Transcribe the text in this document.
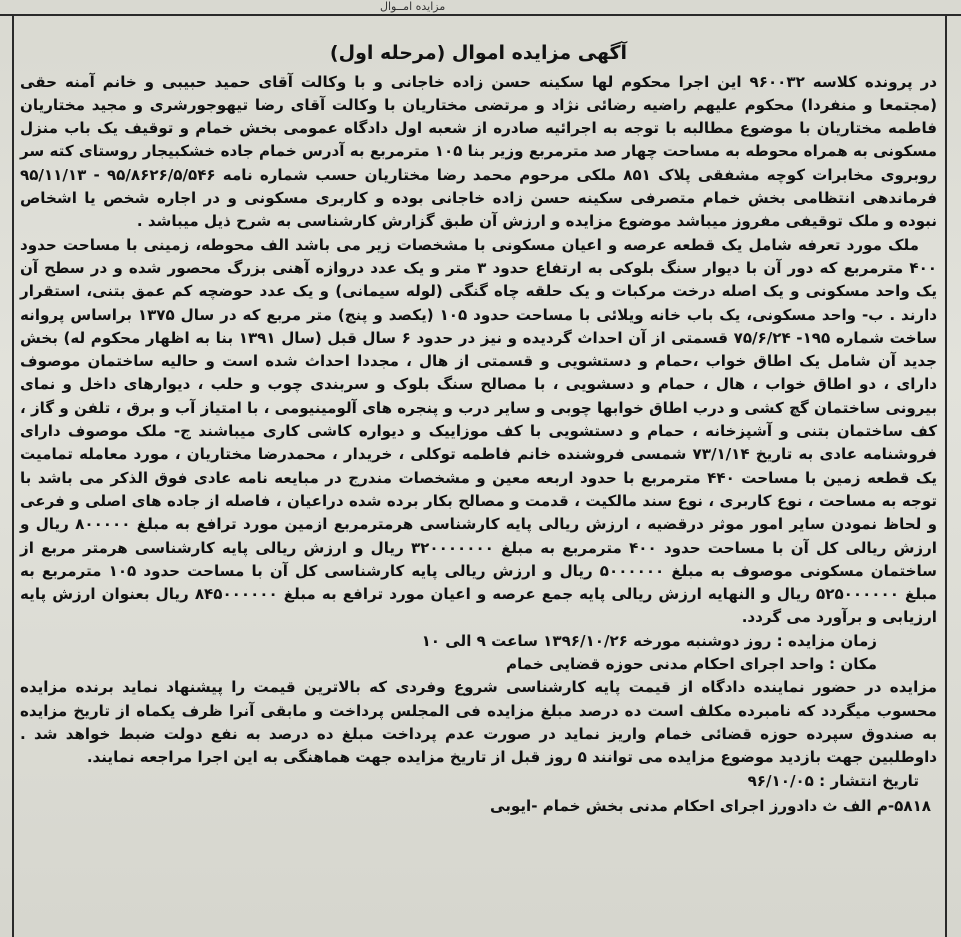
مزایده امــوال
آگهی مزایده اموال (مرحله اول)

در پرونده کلاسه ۹۶۰۰۳۲ این اجرا محکوم لها سکینه حسن زاده خاجانی و با وکالت آقای حمید حبیبی و خانم آمنه حقی (مجتمعا و منفردا) محکوم علیهم راضیه رضائی نژاد و مرتضی مختاریان با وکالت آقای رضا تیهوجورشری و مجید مختاریان فاطمه مختاریان با موضوع مطالبه با توجه به اجرائیه صادره از شعبه اول دادگاه عمومی بخش خمام و توقیف یک باب منزل مسکونی به همراه محوطه به مساحت چهار صد مترمربع وزیر بنا ۱۰۵ مترمربع به آدرس خمام جاده خشکبیجار روستای کته سر روبروی مخابرات کوچه مشفقی پلاک ۸۵۱ ملکی مرحوم محمد رضا مختاریان حسب شماره نامه ۹۵/۸۶۲۶/۵/۵۴۶ - ۹۵/۱۱/۱۳ فرماندهی انتظامی بخش خمام متصرفی سکینه حسن زاده خاجانی بوده و کاربری مسکونی و در اجاره شخص یا اشخاص نبوده و ملک توقیفی مفروز میباشد موضوع مزایده و ارزش آن طبق گزارش کارشناسی به شرح ذیل میباشد .

ملک مورد تعرفه شامل یک قطعه عرصه و اعیان مسکونی با مشخصات زیر می باشد الف محوطه، زمینی با مساحت حدود ۴۰۰ مترمربع که دور آن با دیوار سنگ بلوکی به ارتفاع حدود ۳ متر و یک عدد دروازه آهنی بزرگ محصور شده و در سطح آن یک واحد مسکونی و یک اصله درخت مرکبات و یک حلقه چاه گنگی (لوله سیمانی) و یک عدد حوضچه کم عمق بتنی، استقرار دارند . ب- واحد مسکونی، یک باب خانه ویلائی با مساحت حدود ۱۰۵ (یکصد و پنج) متر مربع که در سال ۱۳۷۵ براساس پروانه ساخت شماره ۱۹۵- ۷۵/۶/۲۴ قسمتی از آن احداث گردیده و نیز در حدود ۶ سال قبل (سال ۱۳۹۱ بنا به اظهار محکوم له) بخش جدید آن شامل یک اطاق خواب ،حمام و دستشویی و قسمتی از هال ، مجددا احداث شده است و حالیه ساختمان موصوف دارای ، دو اطاق خواب ، هال ، حمام و دسشویی ، با مصالح سنگ بلوک و سربندی چوب و حلب ، دیوارهای داخل و نمای بیرونی ساختمان گچ کشی و درب اطاق خوابها چوبی و سایر درب و پنجره های آلومینیومی ، با امتیاز آب و برق ، تلفن و گاز ، کف ساختمان بتنی و آشپزخانه ، حمام و دستشویی با کف موزاییک و دیواره کاشی کاری میباشند ج- ملک موصوف دارای فروشنامه عادی به تاریخ ۷۳/۱/۱۴ شمسی فروشنده خانم فاطمه توکلی ، خریدار ، محمدرضا مختاریان ، مورد معامله تمامیت یک قطعه زمین با مساحت ۴۴۰ مترمربع با حدود اربعه معین و مشخصات مندرج در مبایعه نامه عادی فوق الذکر می باشد با توجه به مساحت ، نوع کاربری ، نوع سند مالکیت ، قدمت و مصالح بکار برده شده دراعیان ، فاصله از جاده های اصلی و فرعی و لحاظ نمودن سایر امور موثر درقضیه ، ارزش ریالی پایه کارشناسی هرمترمربع ازمین مورد ترافع به مبلغ ۸۰۰۰۰۰ ریال و ارزش ریالی کل آن با مساحت حدود ۴۰۰ مترمربع به مبلغ ۳۲۰۰۰۰۰۰۰ ریال و ارزش ریالی پایه کارشناسی هرمتر مربع از ساختمان مسکونی موصوف به مبلغ ۵۰۰۰۰۰۰ ریال و ارزش ریالی پایه کارشناسی کل آن با مساحت حدود ۱۰۵ مترمربع به مبلغ ۵۲۵۰۰۰۰۰۰ ریال و النهایه ارزش ریالی پایه جمع عرصه و اعیان مورد ترافع به مبلغ ۸۴۵۰۰۰۰۰۰ ریال بعنوان ارزش پایه ارزیابی و برآورد می گردد.

زمان مزایده : روز دوشنبه مورخه ۱۳۹۶/۱۰/۲۶ ساعت ۹ الی ۱۰

مکان : واحد اجرای احکام مدنی حوزه قضایی خمام

مزایده در حضور نماینده دادگاه از قیمت پایه کارشناسی شروع وفردی که بالاترین قیمت را پیشنهاد نماید برنده مزایده محسوب میگردد که نامبرده مکلف است ده درصد مبلغ مزایده فی المجلس پرداخت و مابقی آنرا ظرف یکماه از تاریخ مزایده به صندوق سپرده حوزه قضائی خمام واریز نماید در صورت عدم پرداخت مبلغ ده درصد به نفع دولت ضبط خواهد شد . داوطلبین جهت بازدید موضوع مزایده می توانند ۵ روز قبل از تاریخ مزایده جهت هماهنگی به این اجرا مراجعه نمایند.

تاریخ انتشار : ۹۶/۱۰/۰۵

۵۸۱۸-م الف ث دادورز اجرای احکام مدنی بخش خمام -ایوبی
